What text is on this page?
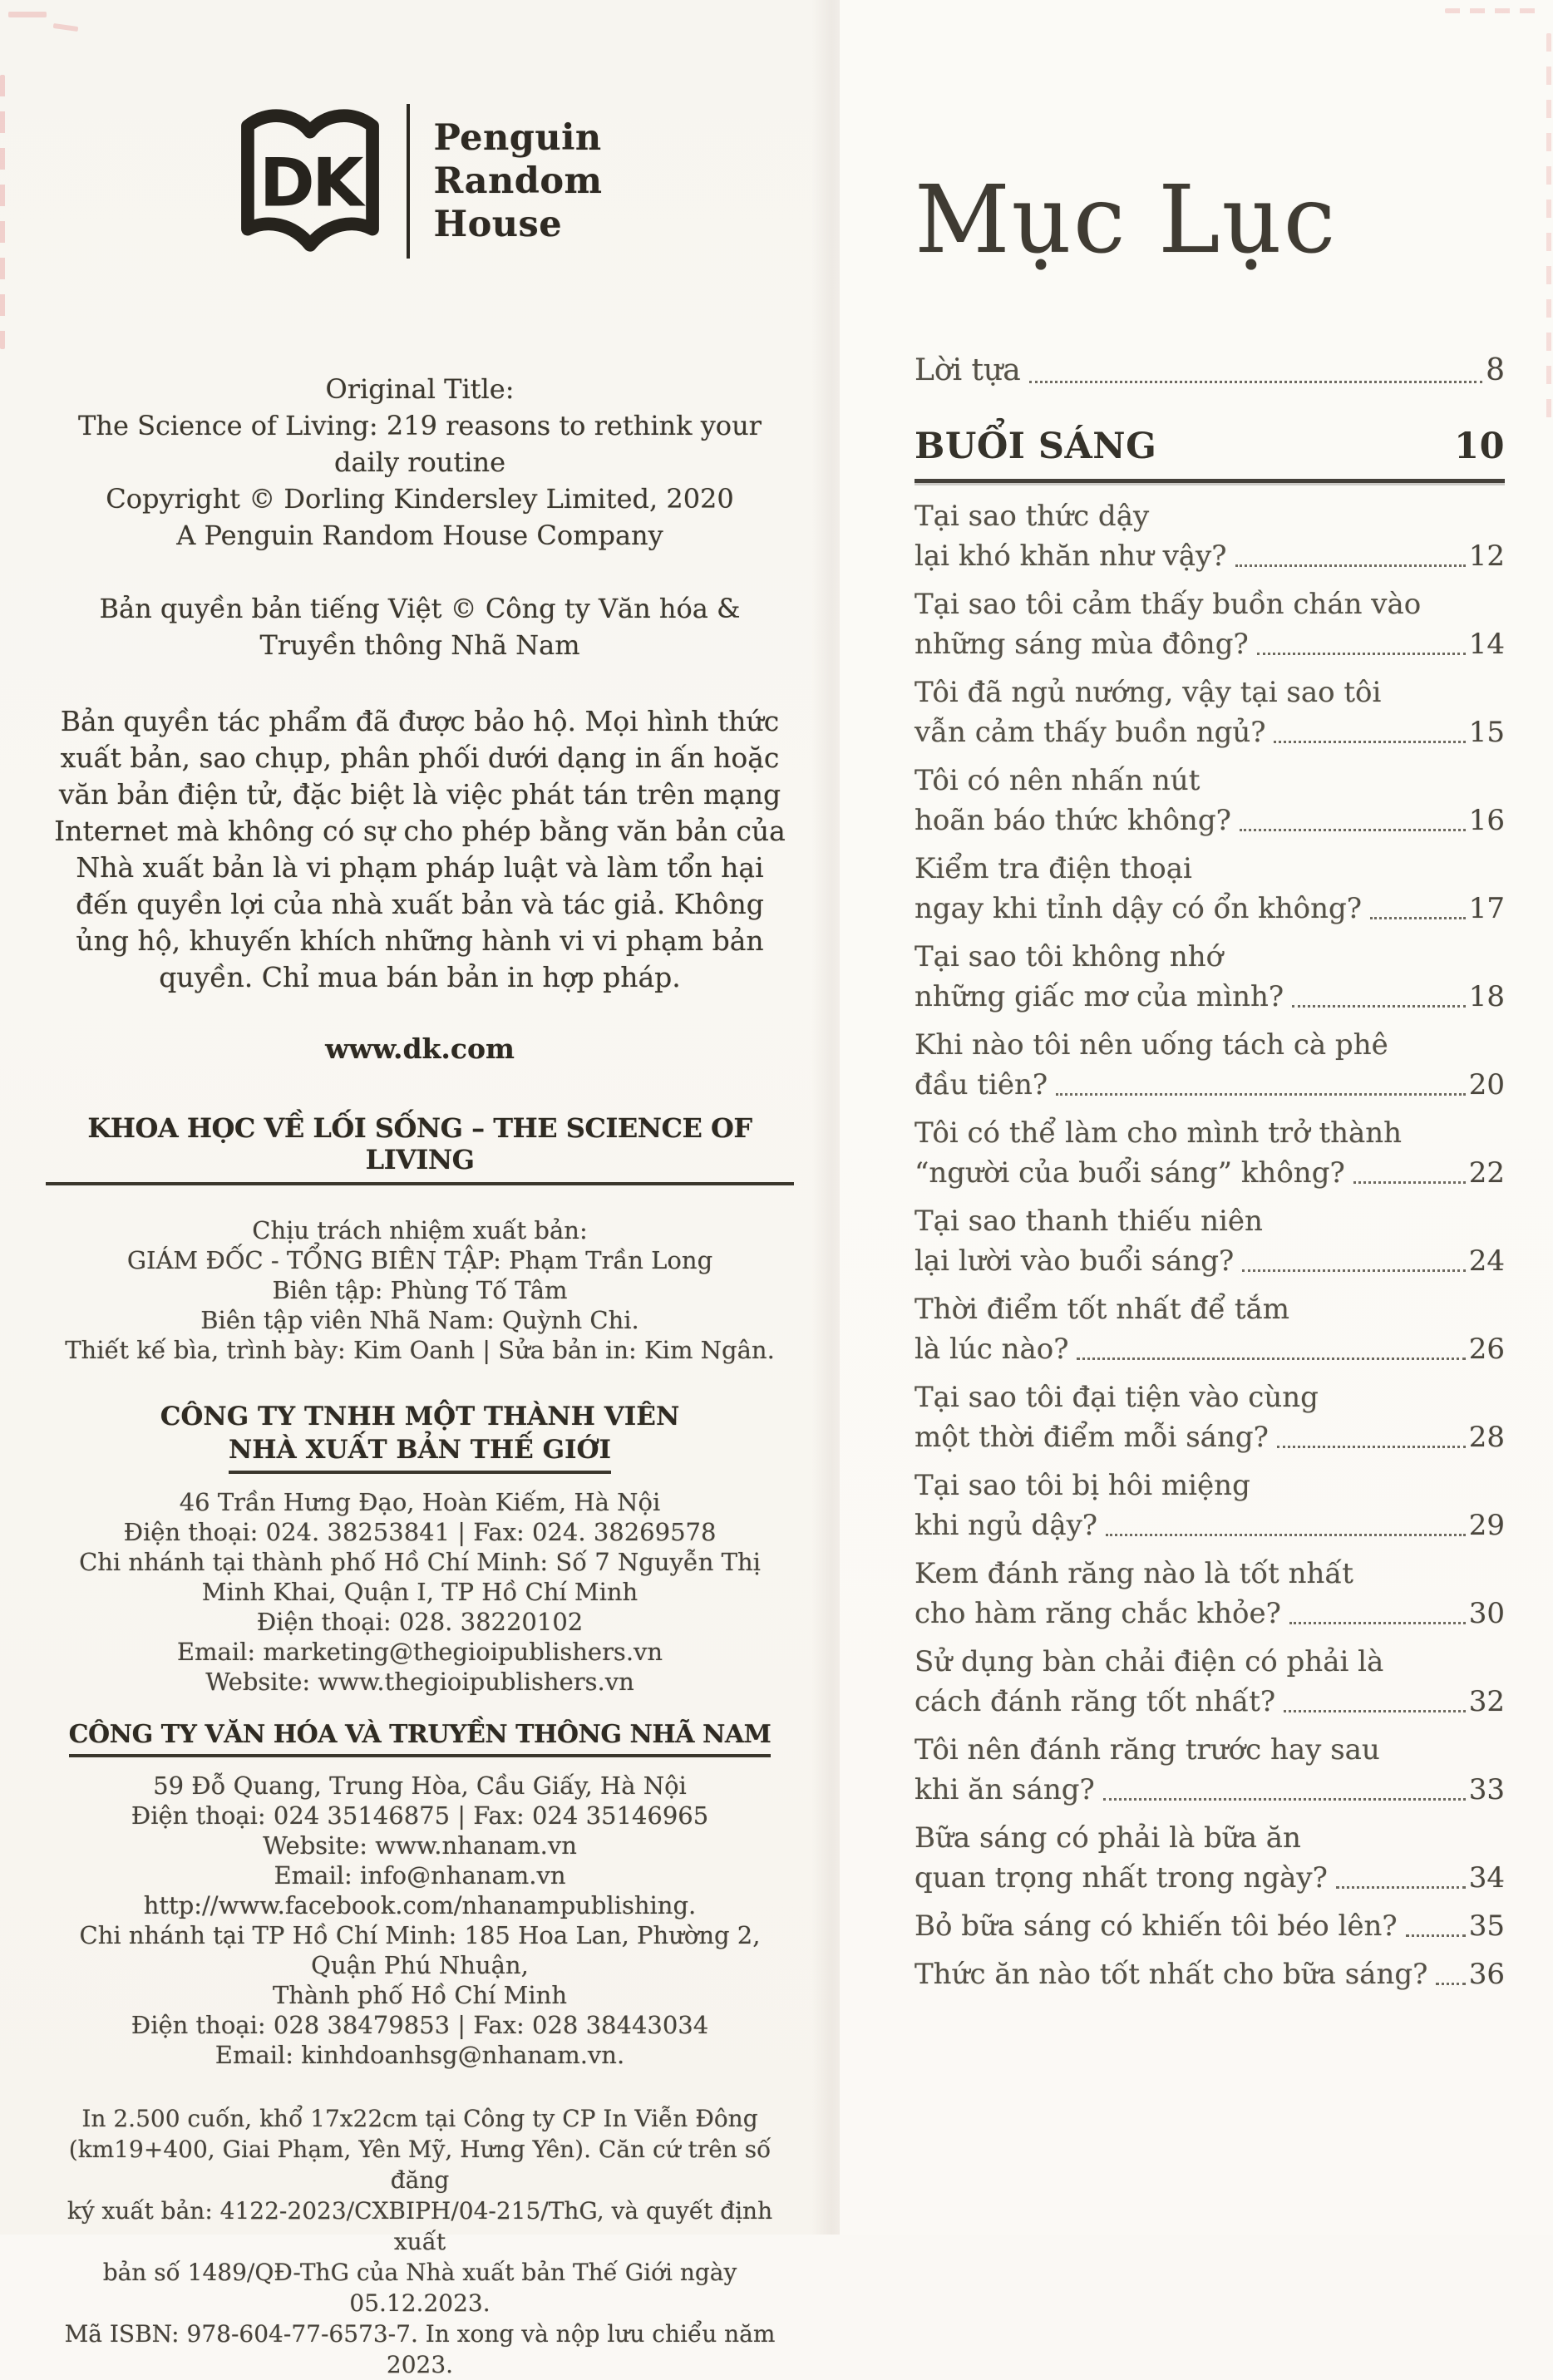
DK
Penguin
Random
House
Original Title:
The Science of Living: 219 reasons to rethink your
daily routine
Copyright © Dorling Kindersley Limited, 2020
A Penguin Random House Company
Bản quyền bản tiếng Việt © Công ty Văn hóa &
Truyền thông Nhã Nam
Bản quyền tác phẩm đã được bảo hộ. Mọi hình thức
xuất bản, sao chụp, phân phối dưới dạng in ấn hoặc
văn bản điện tử, đặc biệt là việc phát tán trên mạng
Internet mà không có sự cho phép bằng văn bản của
Nhà xuất bản là vi phạm pháp luật và làm tổn hại
đến quyền lợi của nhà xuất bản và tác giả. Không
ủng hộ, khuyến khích những hành vi vi phạm bản
quyền. Chỉ mua bán bản in hợp pháp.
www.dk.com
KHOA HỌC VỀ LỐI SỐNG – THE SCIENCE OF LIVING
Chịu trách nhiệm xuất bản:
GIÁM ĐỐC - TỔNG BIÊN TẬP: Phạm Trần Long
Biên tập: Phùng Tố Tâm
Biên tập viên Nhã Nam: Quỳnh Chi.
Thiết kế bìa, trình bày: Kim Oanh | Sửa bản in: Kim Ngân.
CÔNG TY TNHH MỘT THÀNH VIÊN
NHÀ XUẤT BẢN THẾ GIỚI
46 Trần Hưng Đạo, Hoàn Kiếm, Hà Nội
Điện thoại: 024. 38253841 | Fax: 024. 38269578
Chi nhánh tại thành phố Hồ Chí Minh: Số 7 Nguyễn Thị
Minh Khai, Quận I, TP Hồ Chí Minh
Điện thoại: 028. 38220102
Email: marketing@thegioipublishers.vn
Website: www.thegioipublishers.vn
CÔNG TY VĂN HÓA VÀ TRUYỀN THÔNG NHÃ NAM
59 Đỗ Quang, Trung Hòa, Cầu Giấy, Hà Nội
Điện thoại: 024 35146875 | Fax: 024 35146965
Website: www.nhanam.vn
Email: info@nhanam.vn
http://www.facebook.com/nhanampublishing.
Chi nhánh tại TP Hồ Chí Minh: 185 Hoa Lan, Phường 2,
Quận Phú Nhuận,
Thành phố Hồ Chí Minh
Điện thoại: 028 38479853 | Fax: 028 38443034
Email: kinhdoanhsg@nhanam.vn.
In 2.500 cuốn, khổ 17x22cm tại Công ty CP In Viễn Đông
(km19+400, Giai Phạm, Yên Mỹ, Hưng Yên). Căn cứ trên số đăng
ký xuất bản: 4122-2023/CXBIPH/04-215/ThG, và quyết định xuất
bản số 1489/QĐ-ThG của Nhà xuất bản Thế Giới ngày 05.12.2023.
Mã ISBN: 978-604-77-6573-7. In xong và nộp lưu chiểu năm 2023.
Mục Lục
Lời tựa	8
BUỔI SÁNG	10
Tại sao thức dậy
lại khó khăn như vậy?	12
Tại sao tôi cảm thấy buồn chán vào
những sáng mùa đông?	14
Tôi đã ngủ nướng, vậy tại sao tôi
vẫn cảm thấy buồn ngủ?	15
Tôi có nên nhấn nút
hoãn báo thức không?	16
Kiểm tra điện thoại
ngay khi tỉnh dậy có ổn không?	17
Tại sao tôi không nhớ
những giấc mơ của mình?	18
Khi nào tôi nên uống tách cà phê
đầu tiên?	20
Tôi có thể làm cho mình trở thành
“người của buổi sáng” không?	22
Tại sao thanh thiếu niên
lại lười vào buổi sáng?	24
Thời điểm tốt nhất để tắm
là lúc nào?	26
Tại sao tôi đại tiện vào cùng
một thời điểm mỗi sáng?	28
Tại sao tôi bị hôi miệng
khi ngủ dậy?	29
Kem đánh răng nào là tốt nhất
cho hàm răng chắc khỏe?	30
Sử dụng bàn chải điện có phải là
cách đánh răng tốt nhất?	32
Tôi nên đánh răng trước hay sau
khi ăn sáng?	33
Bữa sáng có phải là bữa ăn
quan trọng nhất trong ngày?	34
Bỏ bữa sáng có khiến tôi béo lên?	35
Thức ăn nào tốt nhất cho bữa sáng? 36
